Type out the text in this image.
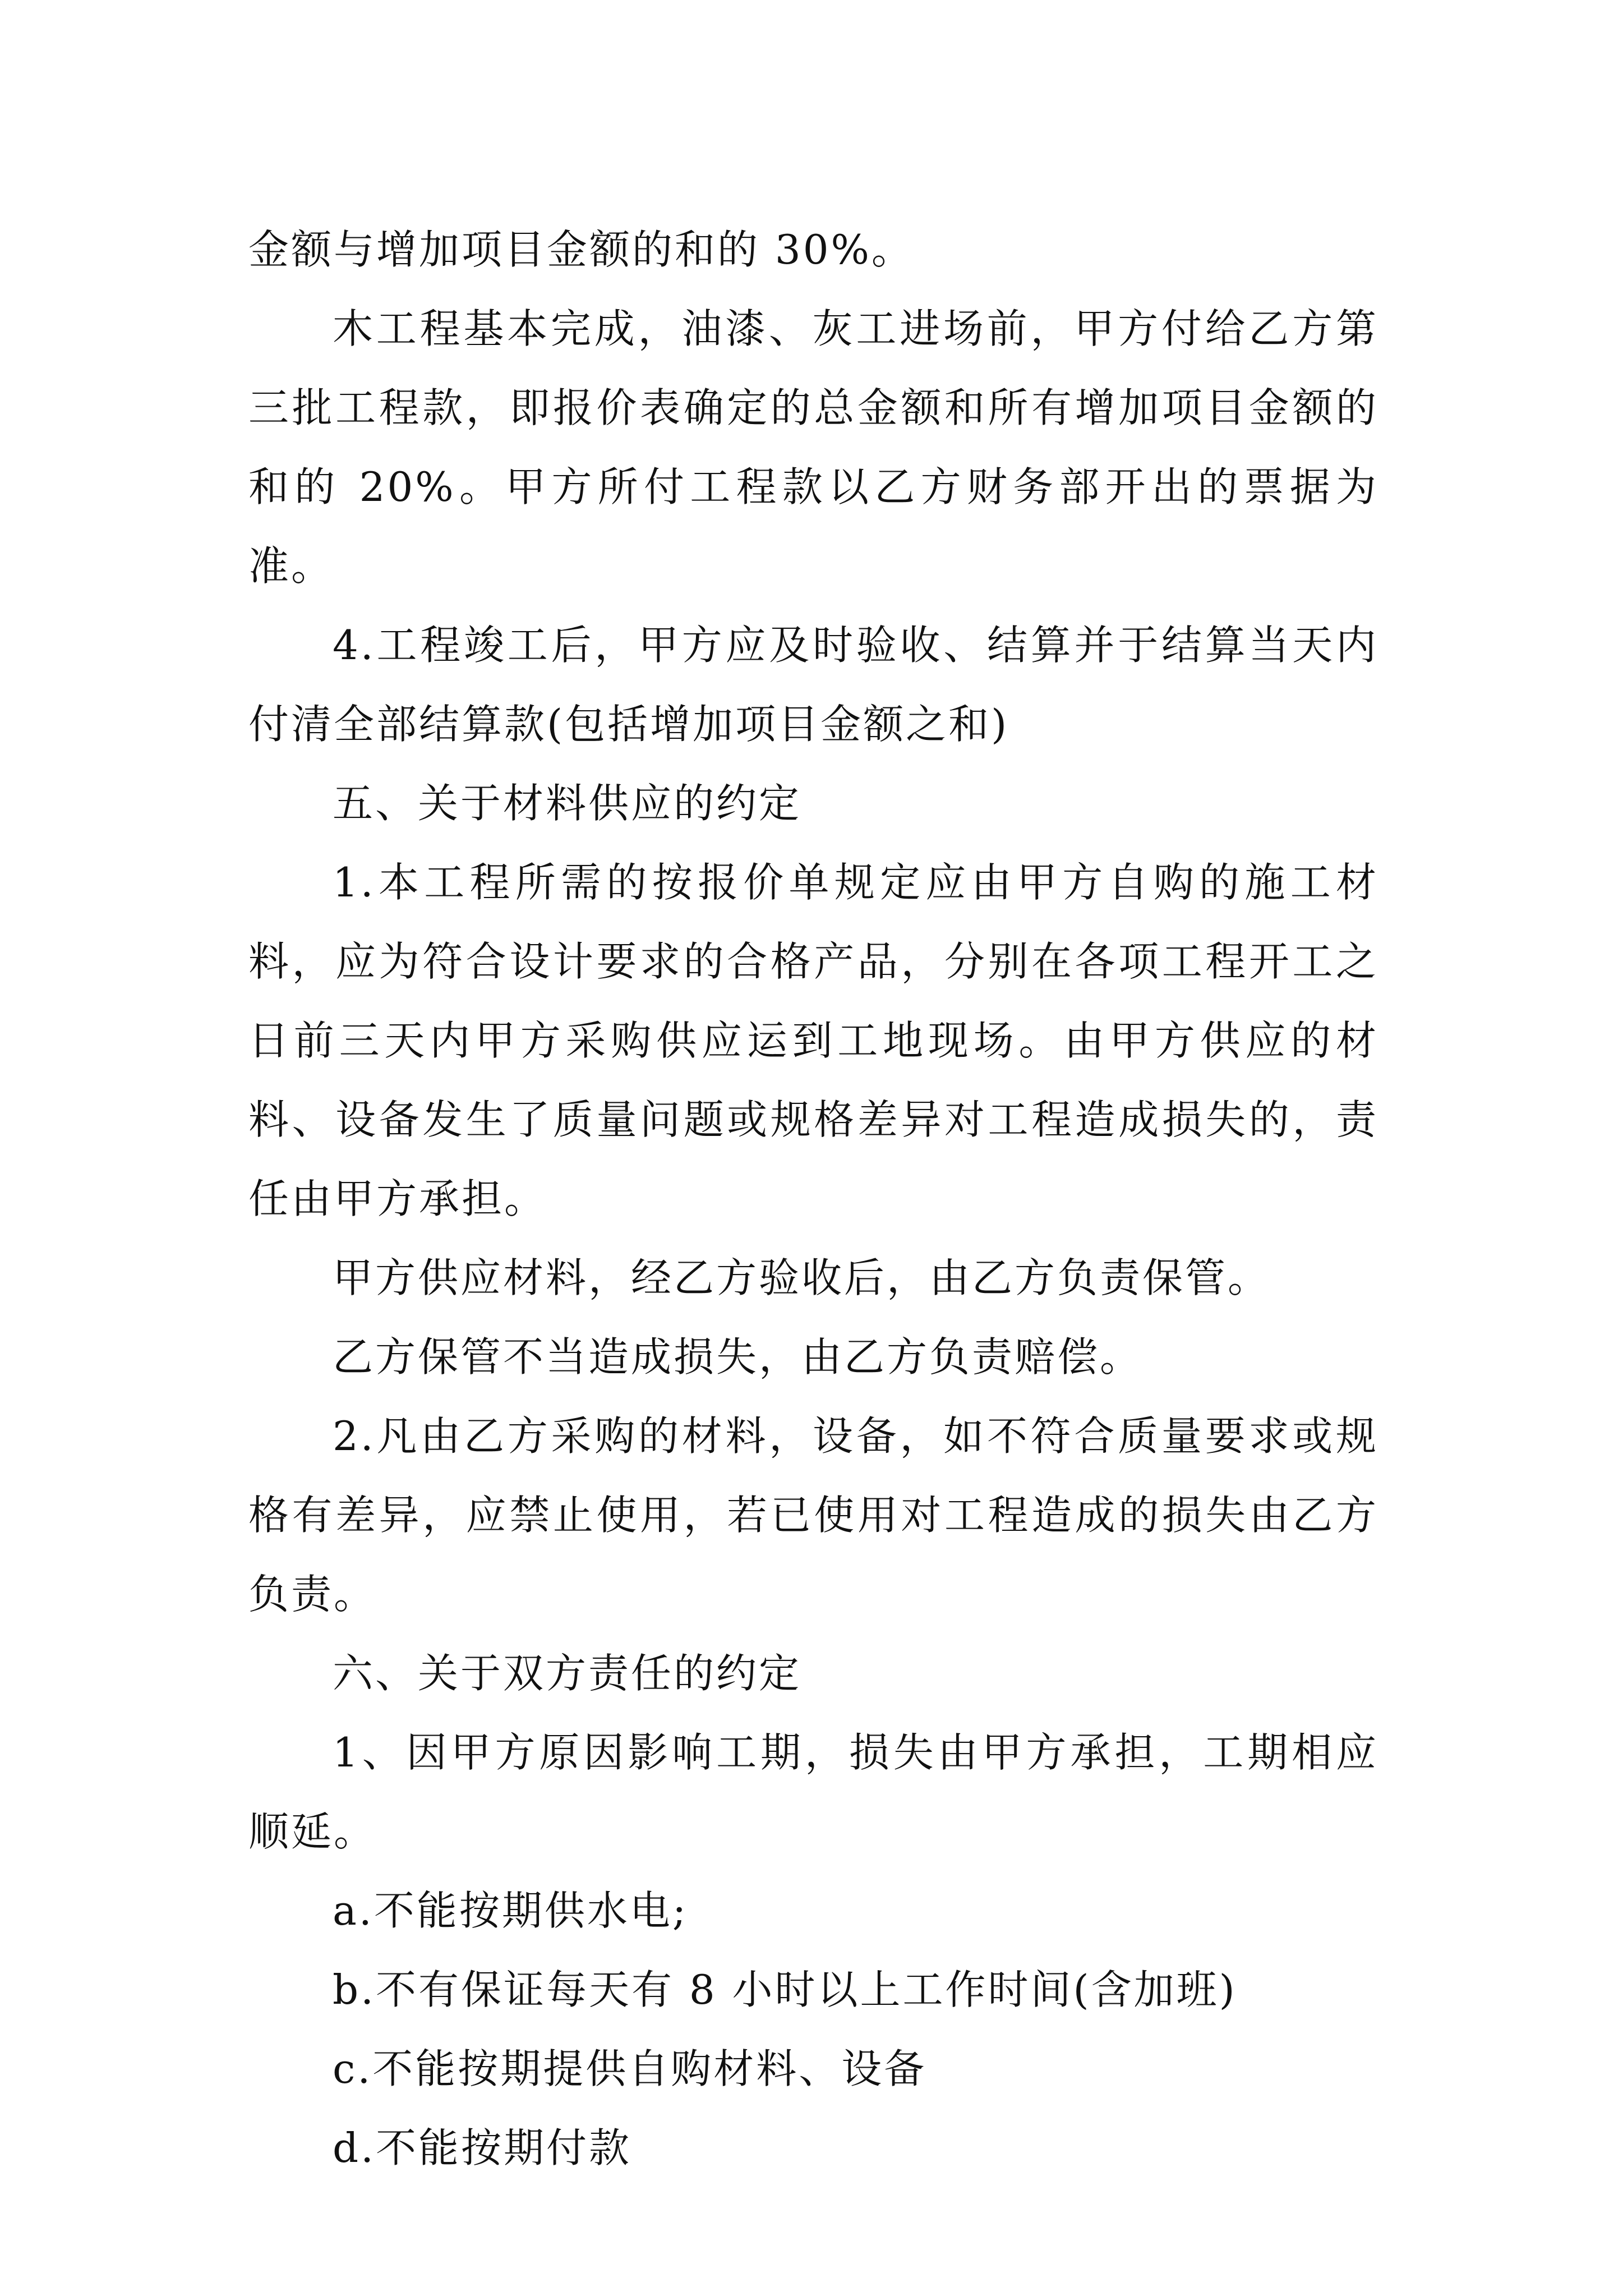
金额与增加项目金额的和的 30%。

木工程基本完成，油漆、灰工进场前，甲方付给乙方第三批工程款，即报价表确定的总金额和所有增加项目金额的和的 20%。甲方所付工程款以乙方财务部开出的票据为准。

4.工程竣工后，甲方应及时验收、结算并于结算当天内付清全部结算款(包括增加项目金额之和)

五、关于材料供应的约定

1.本工程所需的按报价单规定应由甲方自购的施工材料，应为符合设计要求的合格产品，分别在各项工程开工之日前三天内甲方采购供应运到工地现场。由甲方供应的材料、设备发生了质量问题或规格差异对工程造成损失的，责任由甲方承担。

甲方供应材料，经乙方验收后，由乙方负责保管。

乙方保管不当造成损失，由乙方负责赔偿。

2.凡由乙方采购的材料，设备，如不符合质量要求或规格有差异，应禁止使用，若已使用对工程造成的损失由乙方负责。

六、关于双方责任的约定

1、因甲方原因影响工期，损失由甲方承担，工期相应顺延。

a.不能按期供水电;

b.不有保证每天有 8 小时以上工作时间(含加班)

c.不能按期提供自购材料、设备

d.不能按期付款
